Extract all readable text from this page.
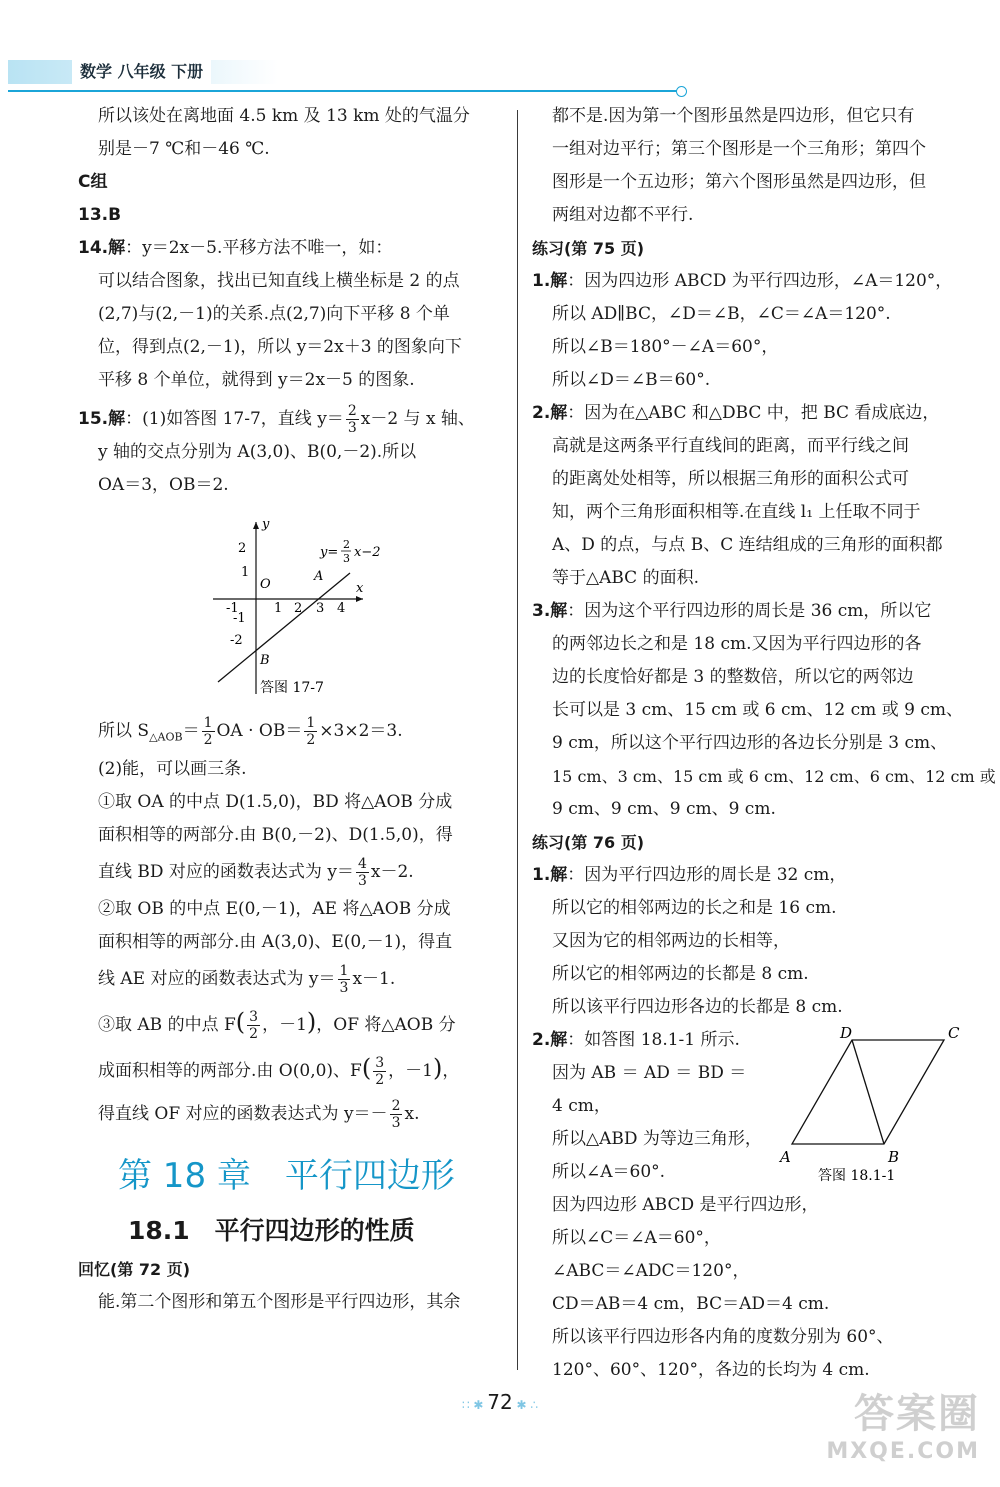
数学 八年级 下册

所以该处在离地面 4.5 km 及 13 km 处的气温分

别是－7 ℃和－46 ℃.

C组

13.B

14.解：y＝2x－5.平移方法不唯一，如：

可以结合图象，找出已知直线上横坐标是 2 的点

(2,7)与(2,－1)的关系.点(2,7)向下平移 8 个单

位，得到点(2,－1)，所以 y＝2x＋3 的图象向下

平移 8 个单位，就得到 y＝2x－5 的图象.

15.解：(1)如答图 17-7，直线 $y= \frac{2}{3} x-2$ 与 x 轴、

y 轴的交点分别为 A(3,0)、B(0,－2).所以

OA＝3，OB＝2.

y
x
O
A
B
-1	1 2 3 4
2
1
-1
-2
y=
2
3 x−2
答图 17-7

所以 $S_{\triangle AOB}= \frac{1}{2}$ OA · $OB= \frac{1}{2} \times 3\times 2=3$.

(2)能，可以画三条.

①取 OA 的中点 D(1.5,0)，BD 将△AOB 分成

面积相等的两部分.由 B(0,－2)、D(1.5,0)，得

直线 BD 对应的函数表达式为 $y= \frac{4}{3} x-2$.

②取 OB 的中点 E(0,－1)，AE 将△AOB 分成

面积相等的两部分.由 A(3,0)、E(0,－1)，得直

线 AE 对应的函数表达式为 $y= \frac{1}{3} x-1$.

③取 AB 的中点 $F( \frac{3}{2}$ ，－1)，OF 将△AOB 分

成面积相等的两部分.由 O(0,0)、$F( \frac{3}{2}$ ，－1)，

得直线 OF 对应的函数表达式为 $y=- \frac{2}{3} x$.

第 18 章　平行四边形
18.1　平行四边形的性质

回忆(第 72 页)

能.第二个图形和第五个图形是平行四边形，其余

都不是.因为第一个图形虽然是四边形，但它只有

一组对边平行；第三个图形是一个三角形；第四个

图形是一个五边形；第六个图形虽然是四边形，但

两组对边都不平行.

练习(第 75 页)

1.解：因为四边形 ABCD 为平行四边形，∠A＝120°，

所以 AD∥BC，∠D＝∠B，∠C＝∠A＝120°.

所以∠B＝180°－∠A＝60°，

所以∠D＝∠B＝60°.

2.解：因为在△ABC 和△DBC 中，把 BC 看成底边，

高就是这两条平行直线间的距离，而平行线之间

的距离处处相等，所以根据三角形的面积公式可

知，两个三角形面积相等.在直线 l₁ 上任取不同于

A、D 的点，与点 B、C 连结组成的三角形的面积都

等于△ABC 的面积.

3.解：因为这个平行四边形的周长是 36 cm，所以它

的两邻边长之和是 18 cm.又因为平行四边形的各

边的长度恰好都是 3 的整数倍，所以它的两邻边

长可以是 3 cm、15 cm 或 6 cm、12 cm 或 9 cm、

9 cm，所以这个平行四边形的各边长分别是 3 cm、

15 cm、3 cm、15 cm 或 6 cm、12 cm、6 cm、12 cm 或

9 cm、9 cm、9 cm、9 cm.

练习(第 76 页)

1.解：因为平行四边形的周长是 32 cm，

所以它的相邻两边的长之和是 16 cm.

又因为它的相邻两边的长相等，

所以它的相邻两边的长都是 8 cm.

所以该平行四边形各边的长都是 8 cm.

2.解：如答图 18.1-1 所示.

因为 AB ＝ AD ＝ BD ＝

4 cm，

所以△ABD 为等边三角形，

所以∠A＝60°.

A	B
C
D
答图 18.1-1

因为四边形 ABCD 是平行四边形，

所以∠C＝∠A＝60°，

∠ABC＝∠ADC＝120°，

CD＝AB＝4 cm，BC＝AD＝4 cm.

所以该平行四边形各内角的度数分别为 60°、

120°、60°、120°，各边的长均为 4 cm.

∷ ✱ 72 ✱ ∴	答案圈
MXQE.COM
